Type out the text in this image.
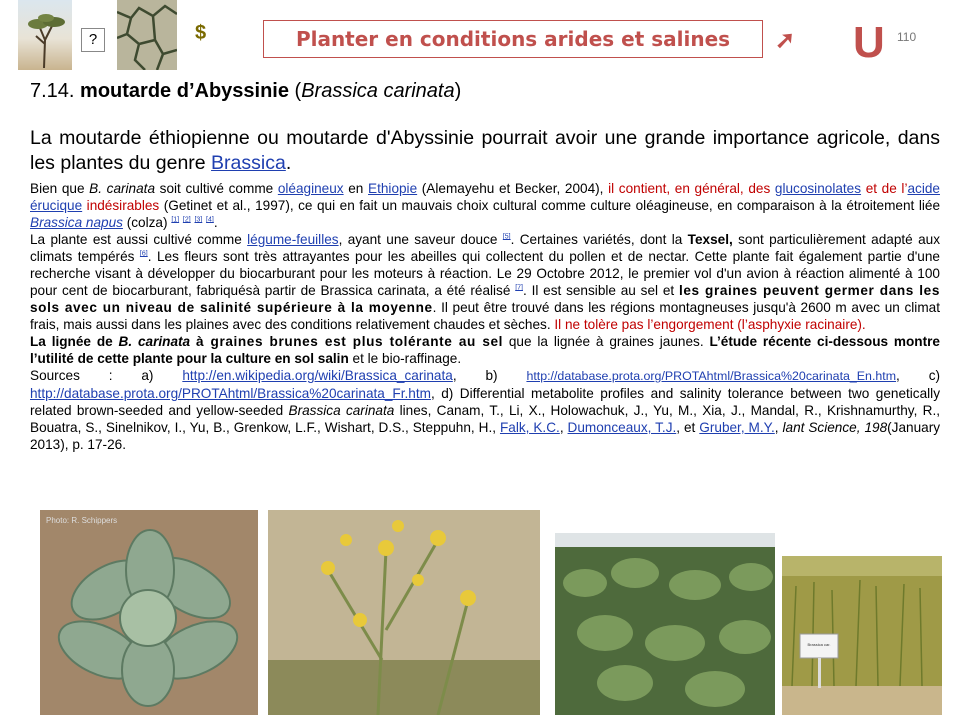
?	$	Planter en conditions arides et salines ➚ U 110
7.14. moutarde d’Abyssinie (Brassica carinata)
La moutarde éthiopienne ou moutarde d'Abyssinie pourrait avoir une grande importance agricole, dans les plantes du genre Brassica.

Bien que B. carinata soit cultivé comme oléagineux en Ethiopie (Alemayehu et Becker, 2004), il contient, en général, des glucosinolates et de l’acide érucique indésirables (Getinet et al., 1997), ce qui en fait un mauvais choix cultural comme culture oléagineuse, en comparaison à la étroitement liée Brassica napus (colza) [1] [2] [3] [4].

La plante est aussi cultivé comme légume-feuilles, ayant une saveur douce [5]. Certaines variétés, dont la Texsel, sont particulièrement adapté aux climats tempérés [6]. Les fleurs sont très attrayantes pour les abeilles qui collectent du pollen et de nectar. Cette plante fait également partie d'une recherche visant à développer du biocarburant pour les moteurs à réaction. Le 29 Octobre 2012, le premier vol d'un avion à réaction alimenté à 100 pour cent de biocarburant, fabriquésà partir de Brassica carinata, a été réalisé [7]. Il est sensible au sel et les graines peuvent germer dans les sols avec un niveau de salinité supérieure à la moyenne. Il peut être trouvé dans les régions montagneuses jusqu'à 2600 m avec un climat frais, mais aussi dans les plaines avec des conditions relativement chaudes et sèches. Il ne tolère pas l’engorgement (l’asphyxie racinaire).

La lignée de B. carinata à graines brunes est plus tolérante au sel que la lignée à graines jaunes. L’étude récente ci-dessous montre l’utilité de cette plante pour la culture en sol salin et le bio-raffinage.

Sources : a) http://en.wikipedia.org/wiki/Brassica_carinata, b) http://database.prota.org/PROTAhtml/Brassica%20carinata_En.htm, c) http://database.prota.org/PROTAhtml/Brassica%20carinata_Fr.htm, d) Differential metabolite profiles and salinity tolerance between two genetically related brown-seeded and yellow-seeded Brassica carinata lines, Canam, T., Li, X., Holowachuk, J., Yu, M., Xia, J., Mandal, R., Krishnamurthy, R., Bouatra, S., Sinelnikov, I., Yu, B., Grenkow, L.F., Wishart, D.S., Steppuhn, H., Falk, K.C., Dumonceaux, T.J., et Gruber, M.Y., lant Science, 198(January 2013), p. 17-26.

Photo: R. Schippers
Brassica car.
